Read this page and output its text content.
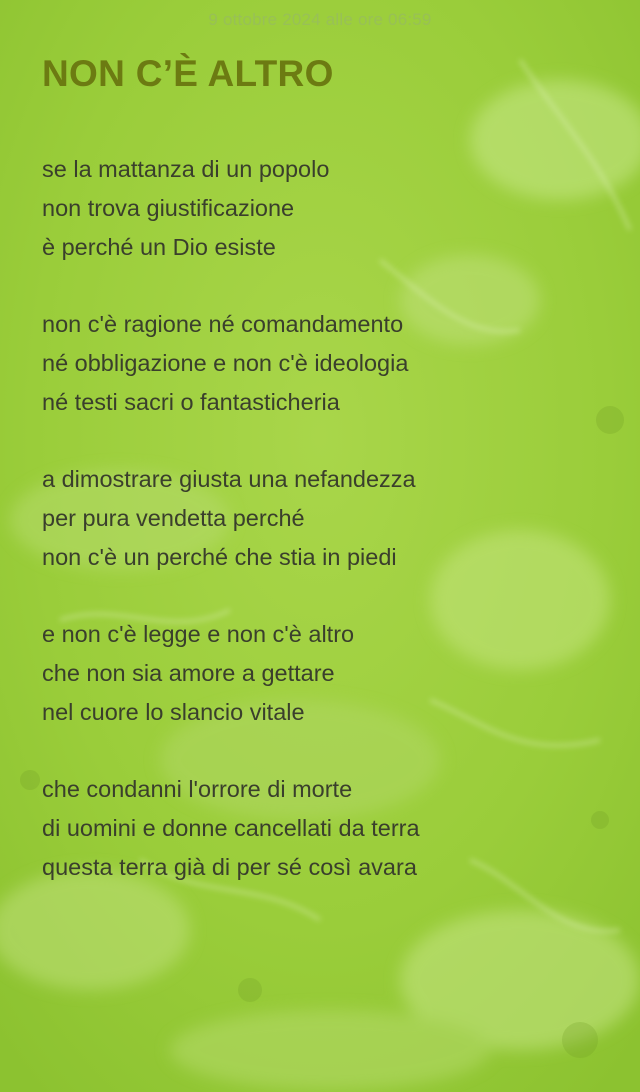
9 ottobre 2024 alle ore 06:59
NON C’È ALTRO
se la mattanza di un popolo
non trova giustificazione
è perché un Dio esiste
non c'è ragione né comandamento
né obbligazione e non c'è ideologia
né testi sacri o fantasticheria
a dimostrare giusta una nefandezza
per pura vendetta perché
non c'è un perché che stia in piedi
e non c'è legge e non c'è altro
che non sia amore a gettare
nel cuore lo slancio vitale
che condanni l'orrore di morte
di uomini e donne cancellati da terra
questa terra già di per sé così avara
